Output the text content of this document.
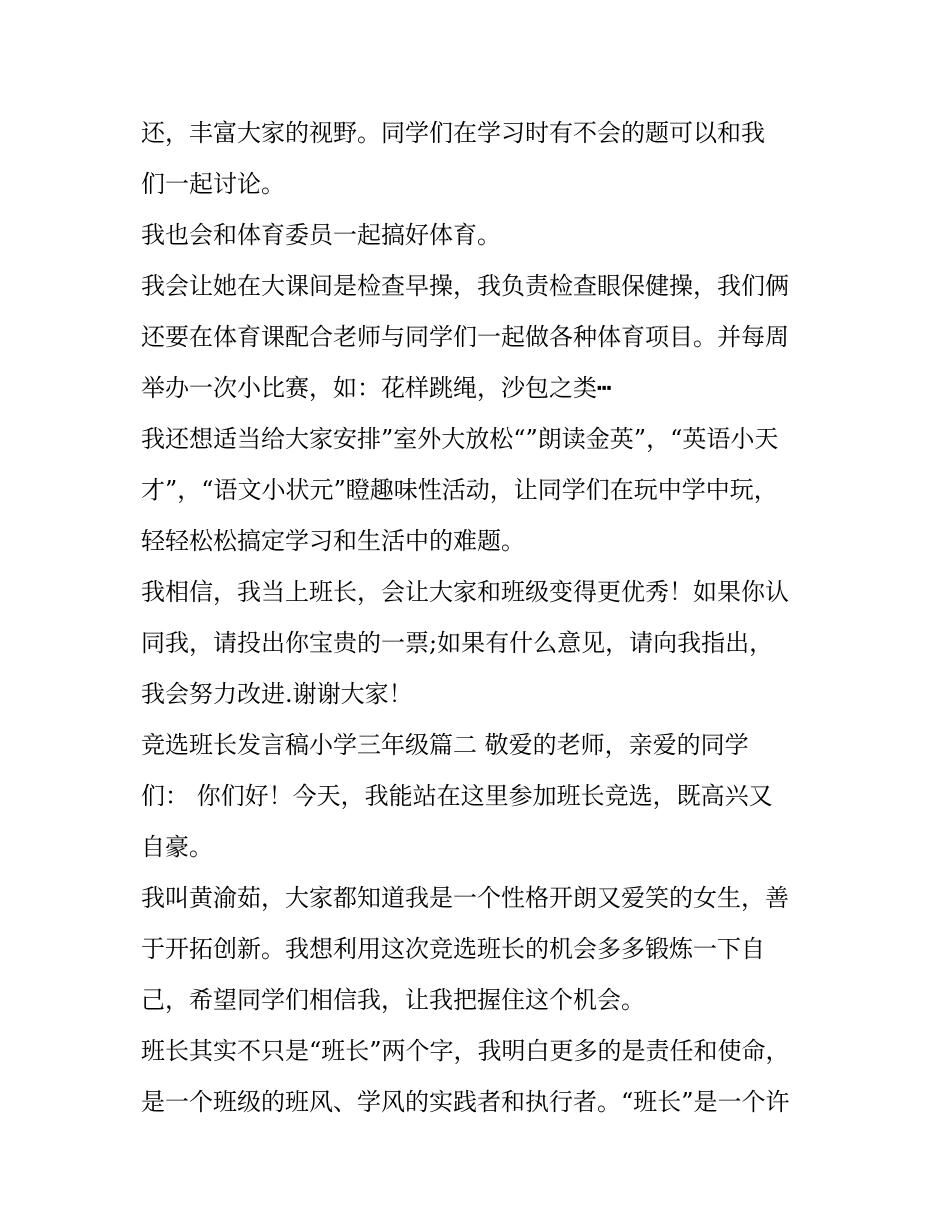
还，丰富大家的视野。同学们在学习时有不会的题可以和我

们一起讨论。

我也会和体育委员一起搞好体育。

我会让她在大课间是检查早操，我负责检查眼保健操，我们俩

还要在体育课配合老师与同学们一起做各种体育项目。并每周

举办一次小比赛，如：花样跳绳，沙包之类┅

我还想适当给大家安排”室外大放松“”朗读金英”，“英语小天

才”，“语文小状元”瞪趣味性活动，让同学们在玩中学中玩，

轻轻松松搞定学习和生活中的难题。

我相信，我当上班长，会让大家和班级变得更优秀！如果你认

同我，请投出你宝贵的一票;如果有什么意见，请向我指出，

我会努力改进.谢谢大家！

竞选班长发言稿小学三年级篇二 敬爱的老师，亲爱的同学

们： 你们好！今天，我能站在这里参加班长竞选，既高兴又

自豪。

我叫黄渝茹，大家都知道我是一个性格开朗又爱笑的女生，善

于开拓创新。我想利用这次竞选班长的机会多多锻炼一下自

己，希望同学们相信我，让我把握住这个机会。

班长其实不只是“班长”两个字，我明白更多的是责任和使命，

是一个班级的班风、学风的实践者和执行者。“班长”是一个许
